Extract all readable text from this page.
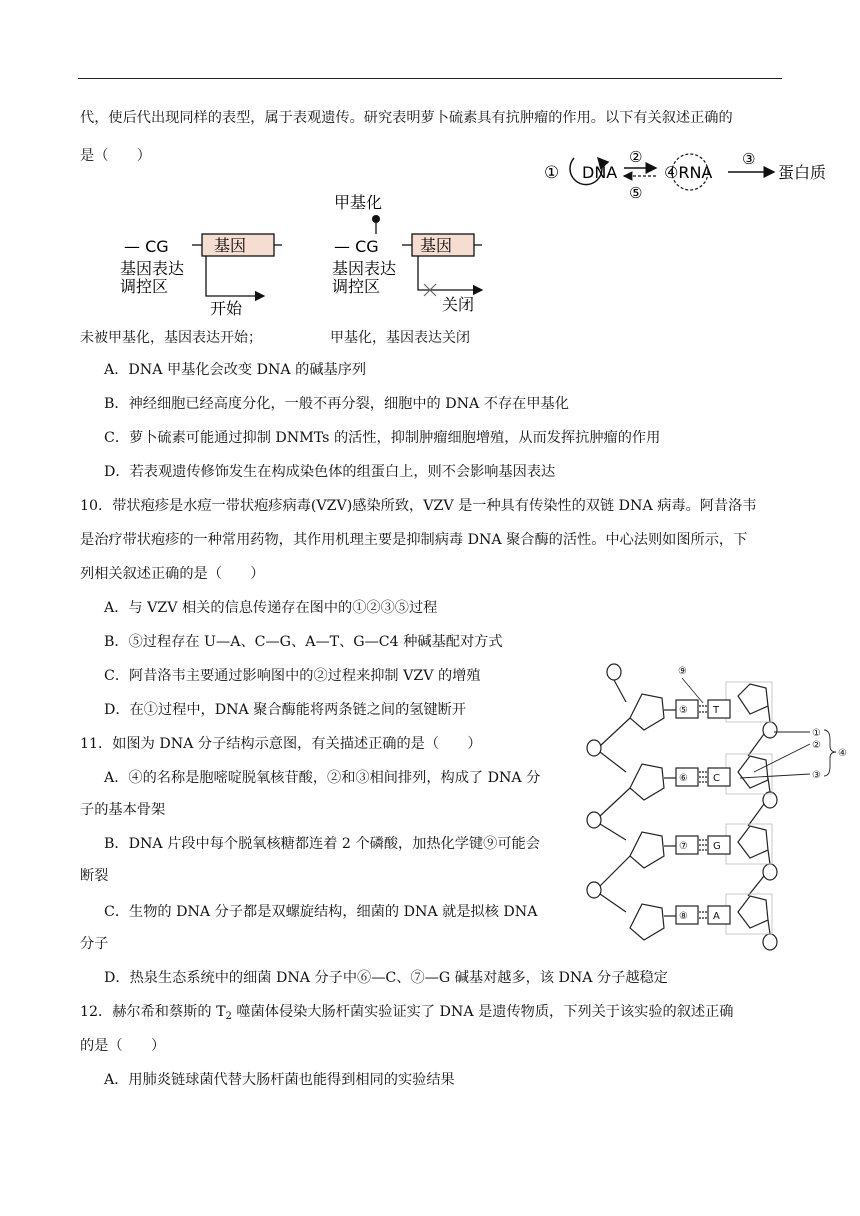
代，使后代出现同样的表型，属于表观遗传。研究表明萝卜硫素具有抗肿瘤的作用。以下有关叙述正确的
是（　　）
① DNA
②
⑤
④RNA
③
蛋白质
— CG	基因
基因表达
调控区
开始
甲基化
— CG	基因
基因表达
调控区
关闭
未被甲基化，基因表达开始；	甲基化，基因表达关闭
A．DNA 甲基化会改变 DNA 的碱基序列
B．神经细胞已经高度分化，一般不再分裂，细胞中的 DNA 不存在甲基化
C．萝卜硫素可能通过抑制 DNMTs 的活性，抑制肿瘤细胞增殖，从而发挥抗肿瘤的作用
D．若表观遗传修饰发生在构成染色体的组蛋白上，则不会影响基因表达
10．带状疱疹是水痘一带状疱疹病毒(VZV)感染所致，VZV 是一种具有传染性的双链 DNA 病毒。阿昔洛韦
是治疗带状疱疹的一种常用药物，其作用机理主要是抑制病毒 DNA 聚合酶的活性。中心法则如图所示，下
列相关叙述正确的是（　　）
A．与 VZV 相关的信息传递存在图中的①②③⑤过程
B．⑤过程存在 U—A、C—G、A—T、G—C4 种碱基配对方式
C．阿昔洛韦主要通过影响图中的②过程来抑制 VZV 的增殖
D．在①过程中，DNA 聚合酶能将两条链之间的氢键断开
11．如图为 DNA 分子结构示意图，有关描述正确的是（　　）
A．④的名称是胞嘧啶脱氧核苷酸，②和③相间排列，构成了 DNA 分
子的基本骨架
B．DNA 片段中每个脱氧核糖都连着 2 个磷酸，加热化学键⑨可能会
断裂
C．生物的 DNA 分子都是双螺旋结构，细菌的 DNA 就是拟核 DNA
分子
D．热泉生态系统中的细菌 DNA 分子中⑥—C、⑦—G 碱基对越多，该 DNA 分子越稳定
⑨
⑤	T
⑥	C
⑦	G
⑧	A
①
②
③
④
12．赫尔希和蔡斯的 $T_2$ 噬菌体侵染大肠杆菌实验证实了 DNA 是遗传物质，下列关于该实验的叙述正确
的是（　　）
A．用肺炎链球菌代替大肠杆菌也能得到相同的实验结果
